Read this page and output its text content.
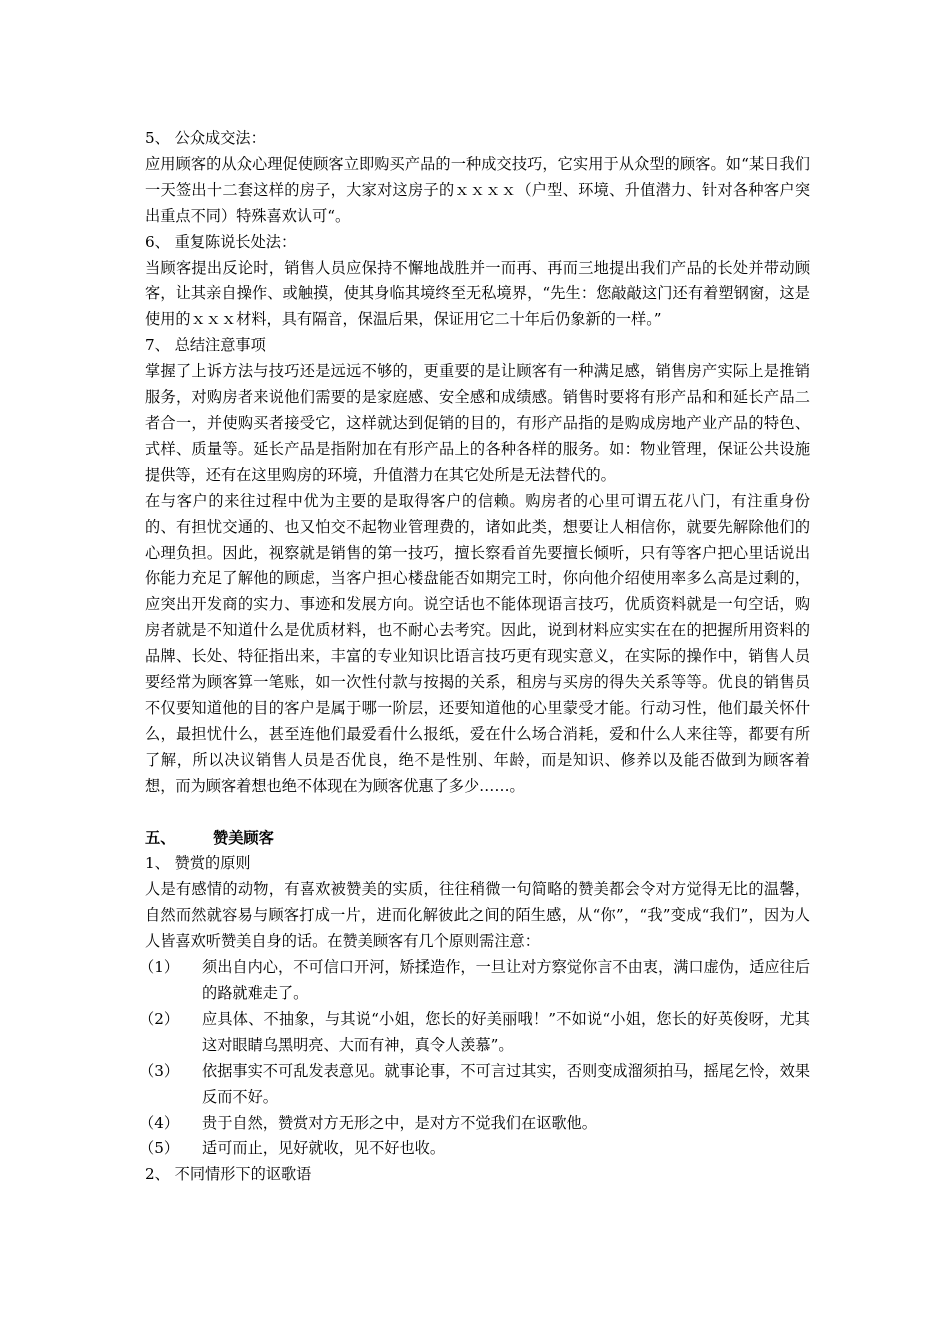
5、 公众成交法：

应用顾客的从众心理促使顾客立即购买产品的一种成交技巧，它实用于从众型的顾客。如“某日我们一天签出十二套这样的房子，大家对这房子的ｘｘｘｘ（户型、环境、升值潜力、针对各种客户突出重点不同）特殊喜欢认可“。

6、 重复陈说长处法：

当顾客提出反论时，销售人员应保持不懈地战胜并一而再、再而三地提出我们产品的长处并带动顾客，让其亲自操作、或触摸，使其身临其境终至无私境界，“先生：您敲敲这门还有着塑钢窗，这是使用的ｘｘｘ材料，具有隔音，保温后果，保证用它二十年后仍象新的一样。”

7、 总结注意事项

掌握了上诉方法与技巧还是远远不够的，更重要的是让顾客有一种满足感，销售房产实际上是推销服务，对购房者来说他们需要的是家庭感、安全感和成绩感。销售时要将有形产品和和延长产品二者合一，并使购买者接受它，这样就达到促销的目的，有形产品指的是购成房地产业产品的特色、式样、质量等。延长产品是指附加在有形产品上的各种各样的服务。如：物业管理，保证公共设施提供等，还有在这里购房的环境，升值潜力在其它处所是无法替代的。

在与客户的来往过程中优为主要的是取得客户的信赖。购房者的心里可谓五花八门，有注重身份的、有担忧交通的、也又怕交不起物业管理费的，诸如此类，想要让人相信你，就要先解除他们的心理负担。因此，视察就是销售的第一技巧，擅长察看首先要擅长倾听，只有等客户把心里话说出你能力充足了解他的顾虑，当客户担心楼盘能否如期完工时，你向他介绍使用率多么高是过剩的，应突出开发商的实力、事迹和发展方向。说空话也不能体现语言技巧，优质资料就是一句空话，购房者就是不知道什么是优质材料，也不耐心去考究。因此，说到材料应实实在在的把握所用资料的品牌、长处、特征指出来，丰富的专业知识比语言技巧更有现实意义，在实际的操作中，销售人员要经常为顾客算一笔账，如一次性付款与按揭的关系，租房与买房的得失关系等等。优良的销售员不仅要知道他的目的客户是属于哪一阶层，还要知道他的心里蒙受才能。行动习性，他们最关怀什么，最担忧什么，甚至连他们最爱看什么报纸，爱在什么场合消耗，爱和什么人来往等，都要有所了解，所以决议销售人员是否优良，绝不是性别、年龄，而是知识、修养以及能否做到为顾客着想，而为顾客着想也绝不体现在为顾客优惠了多少……。

五、 赞美顾客

1、 赞赏的原则

人是有感情的动物，有喜欢被赞美的实质，往往稍微一句简略的赞美都会令对方觉得无比的温馨，自然而然就容易与顾客打成一片，进而化解彼此之间的陌生感，从“你”，“我”变成“我们”，因为人人皆喜欢听赞美自身的话。在赞美顾客有几个原则需注意：

（1） 须出自内心，不可信口开河，矫揉造作，一旦让对方察觉你言不由衷，满口虚伪，适应往后的路就难走了。

（2） 应具体、不抽象，与其说“小姐，您长的好美丽哦！”不如说“小姐，您长的好英俊呀，尤其这对眼睛乌黑明亮、大而有神，真令人羡慕”。

（3） 依据事实不可乱发表意见。就事论事，不可言过其实，否则变成溜须拍马，摇尾乞怜，效果反而不好。

（4） 贵于自然，赞赏对方无形之中，是对方不觉我们在讴歌他。

（5） 适可而止，见好就收，见不好也收。

2、 不同情形下的讴歌语
